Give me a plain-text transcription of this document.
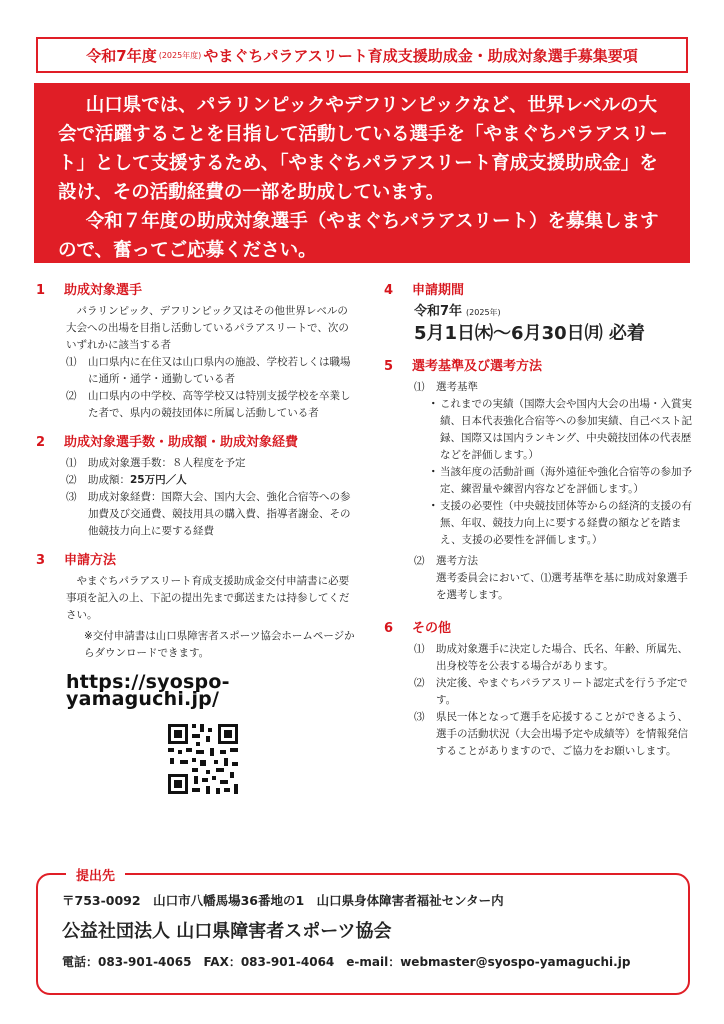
令和7年度 (2025年度) やまぐちパラアスリート育成支援助成金・助成対象選手募集要項

山口県では、パラリンピックやデフリンピックなど、世界レベルの大会で活躍することを目指して活動している選手を「やまぐちパラアスリート」として支援するため、「やまぐちパラアスリート育成支援助成金」を設け、その活動経費の一部を助成しています。

令和７年度の助成対象選手（やまぐちパラアスリート）を募集しますので、奮ってご応募ください。

1 助成対象選手

パラリンピック、デフリンピック又はその他世界レベルの大会への出場を目指し活動しているパラアスリートで、次のいずれかに該当する者

⑴	山口県内に在住又は山口県内の施設、学校若しくは職場に通所・通学・通勤している者
⑵	山口県内の中学校、高等学校又は特別支援学校を卒業した者で、県内の競技団体に所属し活動している者
2 助成対象選手数・助成額・助成対象経費
⑴	助成対象選手数：８人程度を予定
⑵	助成額：25万円／人
⑶	助成対象経費：国際大会、国内大会、強化合宿等への参加費及び交通費、競技用具の購入費、指導者謝金、その他競技力向上に要する経費
3 申請方法

やまぐちパラアスリート育成支援助成金交付申請書に必要事項を記入の上、下記の提出先まで郵送または持参してください。

※交付申請書は山口県障害者スポーツ協会ホームページからダウンロードできます。

https://syospo-yamaguchi.jp/
4 申請期間
令和7年 (2025年)
5月1日㈭～6月30日㈪ 必着
5 選考基準及び選考方法
⑴	選考基準
・ これまでの実績（国際大会や国内大会の出場・入賞実績、日本代表強化合宿等への参加実績、自己ベスト記録、国際又は国内ランキング、中央競技団体の代表歴などを評価します。）
・ 当該年度の活動計画（海外遠征や強化合宿等の参加予定、練習量や練習内容などを評価します。）
・ 支援の必要性（中央競技団体等からの経済的支援の有無、年収、競技力向上に要する経費の額などを踏まえ、支援の必要性を評価します。）
⑵	選考方法
選考委員会において、⑴選考基準を基に助成対象選手を選考します。
6 その他
⑴	助成対象選手に決定した場合、氏名、年齢、所属先、出身校等を公表する場合があります。
⑵	決定後、やまぐちパラアスリート認定式を行う予定です。
⑶	県民一体となって選手を応援することができるよう、選手の活動状況（大会出場予定や成績等）を情報発信することがありますので、ご協力をお願いします。
提出先
〒753-0092　山口市八幡馬場36番地の1　山口県身体障害者福祉センター内
公益社団法人 山口県障害者スポーツ協会
電話：083-901-4065　FAX：083-901-4064　e-mail：webmaster@syospo-yamaguchi.jp
